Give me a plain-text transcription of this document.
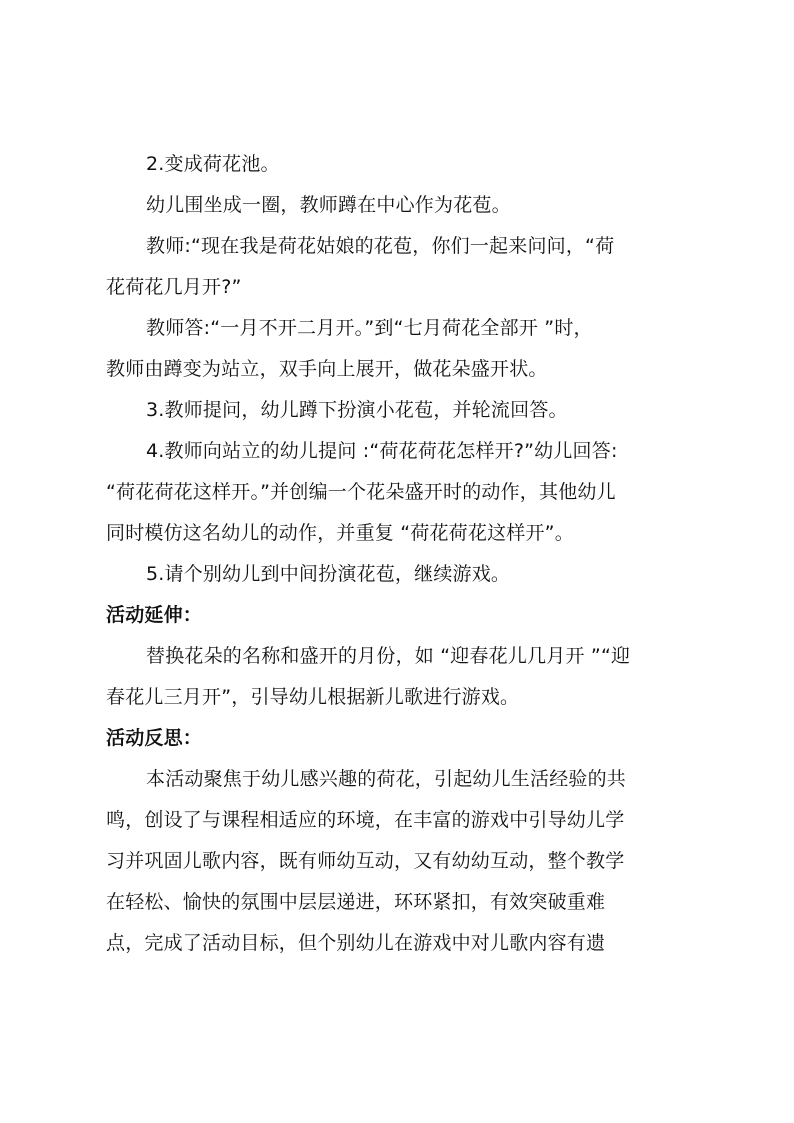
2.变成荷花池。
幼儿围坐成一圈，教师蹲在中心作为花苞。
教师:“现在我是荷花姑娘的花苞，你们一起来问问，“荷
花荷花几月开?”
教师答:“一月不开二月开。”到“七月荷花全部开 ”时，
教师由蹲变为站立，双手向上展开，做花朵盛开状。
3.教师提问，幼儿蹲下扮演小花苞，并轮流回答。
4.教师向站立的幼儿提问 :“荷花荷花怎样开?”幼儿回答:
“荷花荷花这样开。”并创编一个花朵盛开时的动作，其他幼儿
同时模仿这名幼儿的动作，并重复 “荷花荷花这样开”。
5.请个别幼儿到中间扮演花苞，继续游戏。
活动延伸：
替换花朵的名称和盛开的月份，如 “迎春花儿几月开 ”“迎
春花儿三月开”，引导幼儿根据新儿歌进行游戏。
活动反思：
本活动聚焦于幼儿感兴趣的荷花，引起幼儿生活经验的共
鸣，创设了与课程相适应的环境，在丰富的游戏中引导幼儿学
习并巩固儿歌内容，既有师幼互动，又有幼幼互动，整个教学
在轻松、愉快的氛围中层层递进，环环紧扣，有效突破重难
点，完成了活动目标，但个别幼儿在游戏中对儿歌内容有遗
